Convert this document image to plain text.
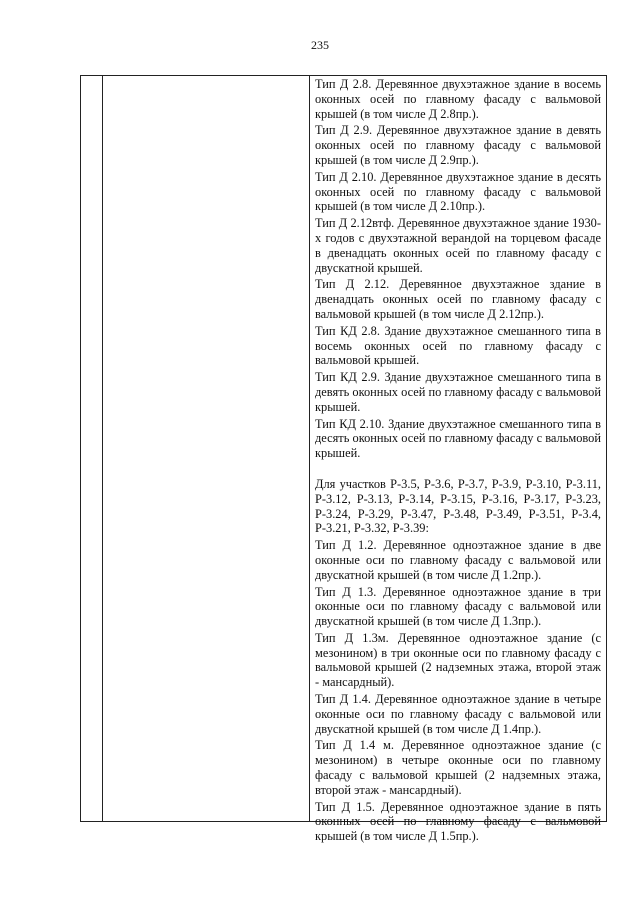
235

Тип Д 2.8. Деревянное двухэтажное здание в восемь оконных осей по главному фасаду с вальмовой крышей (в том числе Д 2.8пр.).

Тип Д 2.9. Деревянное двухэтажное здание в девять оконных осей по главному фасаду с вальмовой крышей (в том числе Д 2.9пр.).

Тип Д 2.10. Деревянное двухэтажное здание в десять оконных осей по главному фасаду с вальмовой крышей (в том числе Д 2.10пр.).

Тип Д 2.12втф. Деревянное двухэтажное здание 1930-х годов с двухэтажной верандой на торцевом фасаде в двенадцать оконных осей по главному фасаду с двускатной крышей.

Тип Д 2.12. Деревянное двухэтажное здание в двенадцать оконных осей по главному фасаду с вальмовой крышей (в том числе Д 2.12пр.).

Тип КД 2.8. Здание двухэтажное смешанного типа в восемь оконных осей по главному фасаду с вальмовой крышей.

Тип КД 2.9. Здание двухэтажное смешанного типа в девять оконных осей по главному фасаду с вальмовой крышей.

Тип КД 2.10. Здание двухэтажное смешанного типа в десять оконных осей по главному фасаду с вальмовой крышей.

Для участков Р-3.5, Р-3.6, Р-3.7, Р-3.9, Р-3.10, Р-3.11, Р-3.12, Р-3.13, Р-3.14, Р-3.15, Р-3.16, Р-3.17, Р-3.23, Р-3.24, Р-3.29, Р-3.47, Р-3.48, Р-3.49, Р-3.51, Р-3.4, Р-3.21, Р-3.32, Р-3.39:

Тип Д 1.2. Деревянное одноэтажное здание в две оконные оси по главному фасаду с вальмовой или двускатной крышей (в том числе Д 1.2пр.).

Тип Д 1.3. Деревянное одноэтажное здание в три оконные оси по главному фасаду с вальмовой или двускатной крышей (в том числе Д 1.3пр.).

Тип Д 1.3м. Деревянное одноэтажное здание (с мезонином) в три оконные оси по главному фасаду с вальмовой крышей (2 надземных этажа, второй этаж - мансардный).

Тип Д 1.4. Деревянное одноэтажное здание в четыре оконные оси по главному фасаду с вальмовой или двускатной крышей (в том числе Д 1.4пр.).

Тип Д 1.4 м. Деревянное одноэтажное здание (с мезонином) в четыре оконные оси по главному фасаду с вальмовой крышей (2 надземных этажа, второй этаж - мансардный).

Тип Д 1.5. Деревянное одноэтажное здание в пять оконных осей по главному фасаду с вальмовой крышей (в том числе Д 1.5пр.).
